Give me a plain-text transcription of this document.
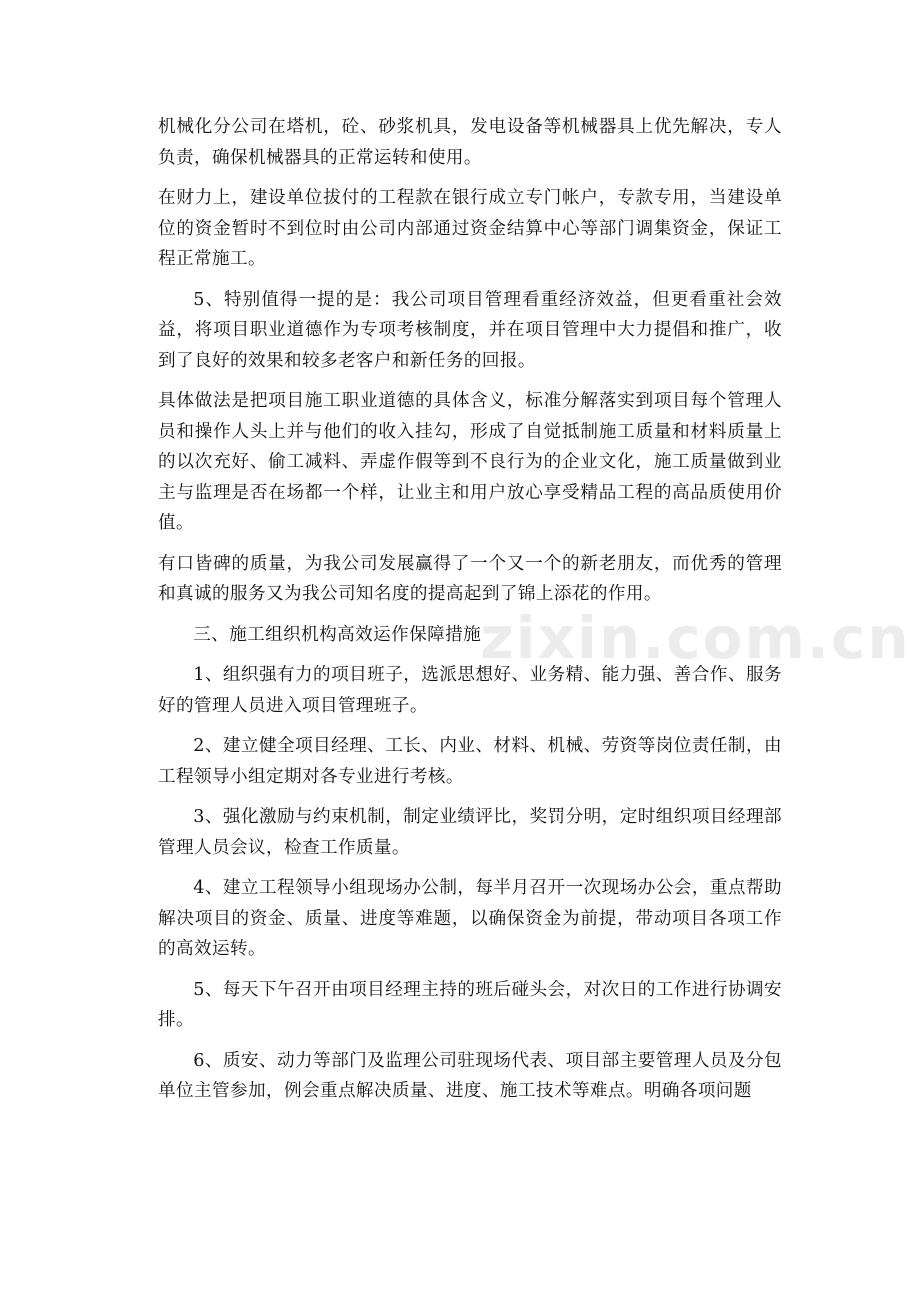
机械化分公司在塔机，砼、砂浆机具，发电设备等机械器具上优先解决，专人负责，确保机械器具的正常运转和使用。

在财力上，建设单位拔付的工程款在银行成立专门帐户，专款专用，当建设单位的资金暂时不到位时由公司内部通过资金结算中心等部门调集资金，保证工程正常施工。

5、特别值得一提的是：我公司项目管理看重经济效益，但更看重社会效益，将项目职业道德作为专项考核制度，并在项目管理中大力提倡和推广，收到了良好的效果和较多老客户和新任务的回报。

具体做法是把项目施工职业道德的具体含义，标准分解落实到项目每个管理人员和操作人头上并与他们的收入挂勾，形成了自觉抵制施工质量和材料质量上的以次充好、偷工减料、弄虚作假等到不良行为的企业文化，施工质量做到业主与监理是否在场都一个样，让业主和用户放心享受精品工程的高品质使用价值。

有口皆碑的质量，为我公司发展赢得了一个又一个的新老朋友，而优秀的管理和真诚的服务又为我公司知名度的提高起到了锦上添花的作用。

三、施工组织机构高效运作保障措施

1、组织强有力的项目班子，选派思想好、业务精、能力强、善合作、服务好的管理人员进入项目管理班子。

2、建立健全项目经理、工长、内业、材料、机械、劳资等岗位责任制，由工程领导小组定期对各专业进行考核。

3、强化激励与约束机制，制定业绩评比，奖罚分明，定时组织项目经理部管理人员会议，检查工作质量。

4、建立工程领导小组现场办公制，每半月召开一次现场办公会，重点帮助解决项目的资金、质量、进度等难题，以确保资金为前提，带动项目各项工作的高效运转。

5、每天下午召开由项目经理主持的班后碰头会，对次日的工作进行协调安排。

6、质安、动力等部门及监理公司驻现场代表、项目部主要管理人员及分包单位主管参加，例会重点解决质量、进度、施工技术等难点。明确各项问题

zixin.com.cn
